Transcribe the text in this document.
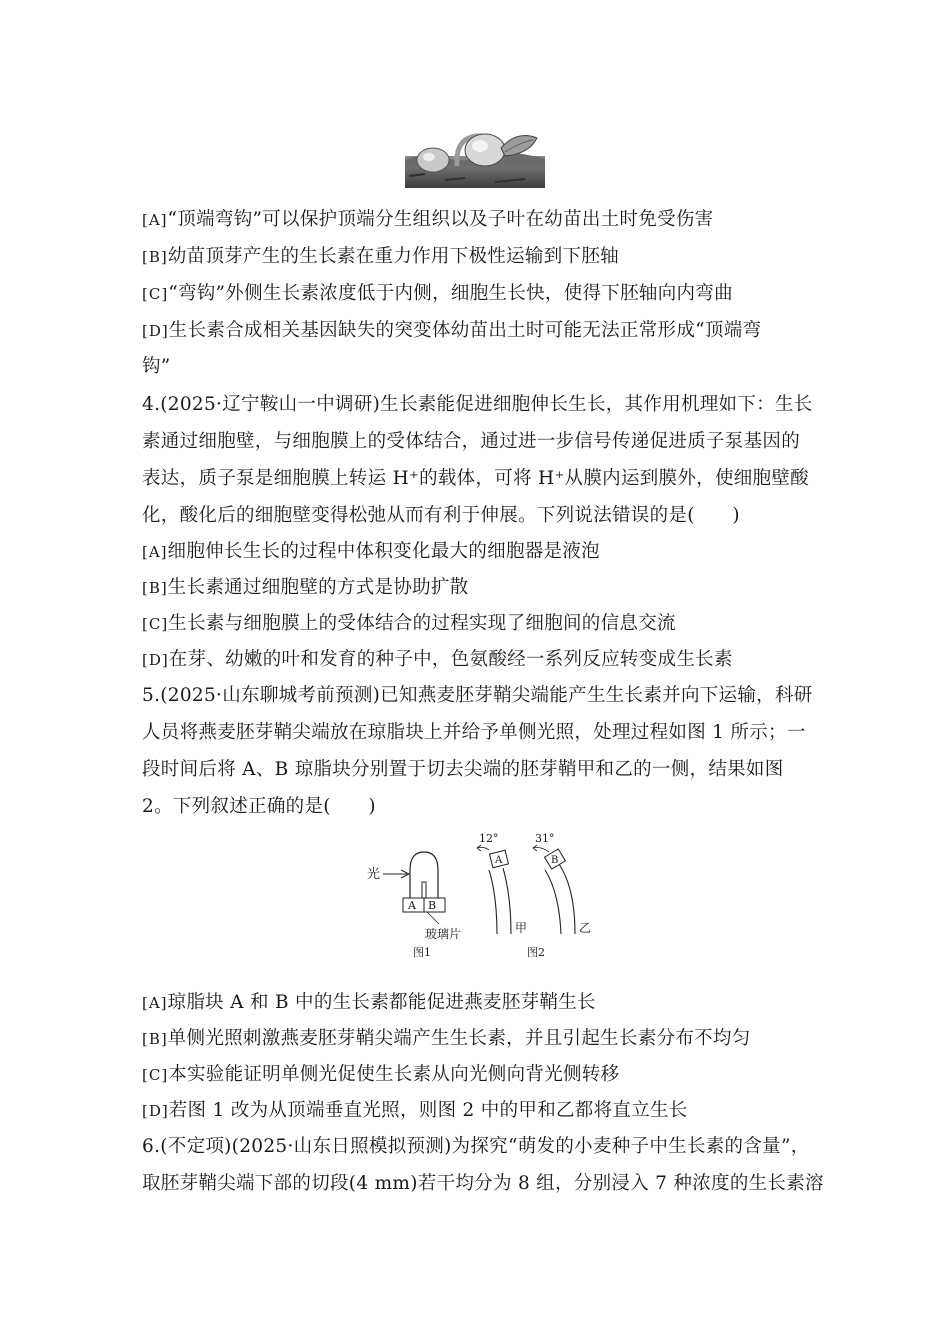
[A]“顶端弯钩”可以保护顶端分生组织以及子叶在幼苗出土时免受伤害
[B]幼苗顶芽产生的生长素在重力作用下极性运输到下胚轴
[C]“弯钩”外侧生长素浓度低于内侧，细胞生长快，使得下胚轴向内弯曲
[D]生长素合成相关基因缺失的突变体幼苗出土时可能无法正常形成“顶端弯
钩”
4.(2025·辽宁鞍山一中调研)生长素能促进细胞伸长生长，其作用机理如下：生长
素通过细胞壁，与细胞膜上的受体结合，通过进一步信号传递促进质子泵基因的
表达，质子泵是细胞膜上转运 H⁺的载体，可将 H⁺从膜内运到膜外，使细胞壁酸
化，酸化后的细胞壁变得松弛从而有利于伸展。下列说法错误的是(　　)
[A]细胞伸长生长的过程中体积变化最大的细胞器是液泡
[B]生长素通过细胞壁的方式是协助扩散
[C]生长素与细胞膜上的受体结合的过程实现了细胞间的信息交流
[D]在芽、幼嫩的叶和发育的种子中，色氨酸经一系列反应转变成生长素
5.(2025·山东聊城考前预测)已知燕麦胚芽鞘尖端能产生生长素并向下运输，科研
人员将燕麦胚芽鞘尖端放在琼脂块上并给予单侧光照，处理过程如图 1 所示；一
段时间后将 A、B 琼脂块分别置于切去尖端的胚芽鞘甲和乙的一侧，结果如图
2。下列叙述正确的是(　　)
光
A B
玻璃片
图1
12°
A
甲
31°
B
乙
图2
[A]琼脂块 A 和 B 中的生长素都能促进燕麦胚芽鞘生长
[B]单侧光照刺激燕麦胚芽鞘尖端产生生长素，并且引起生长素分布不均匀
[C]本实验能证明单侧光促使生长素从向光侧向背光侧转移
[D]若图 1 改为从顶端垂直光照，则图 2 中的甲和乙都将直立生长
6.(不定项)(2025·山东日照模拟预测)为探究“萌发的小麦种子中生长素的含量”，
取胚芽鞘尖端下部的切段(4 mm)若干均分为 8 组，分别浸入 7 种浓度的生长素溶
